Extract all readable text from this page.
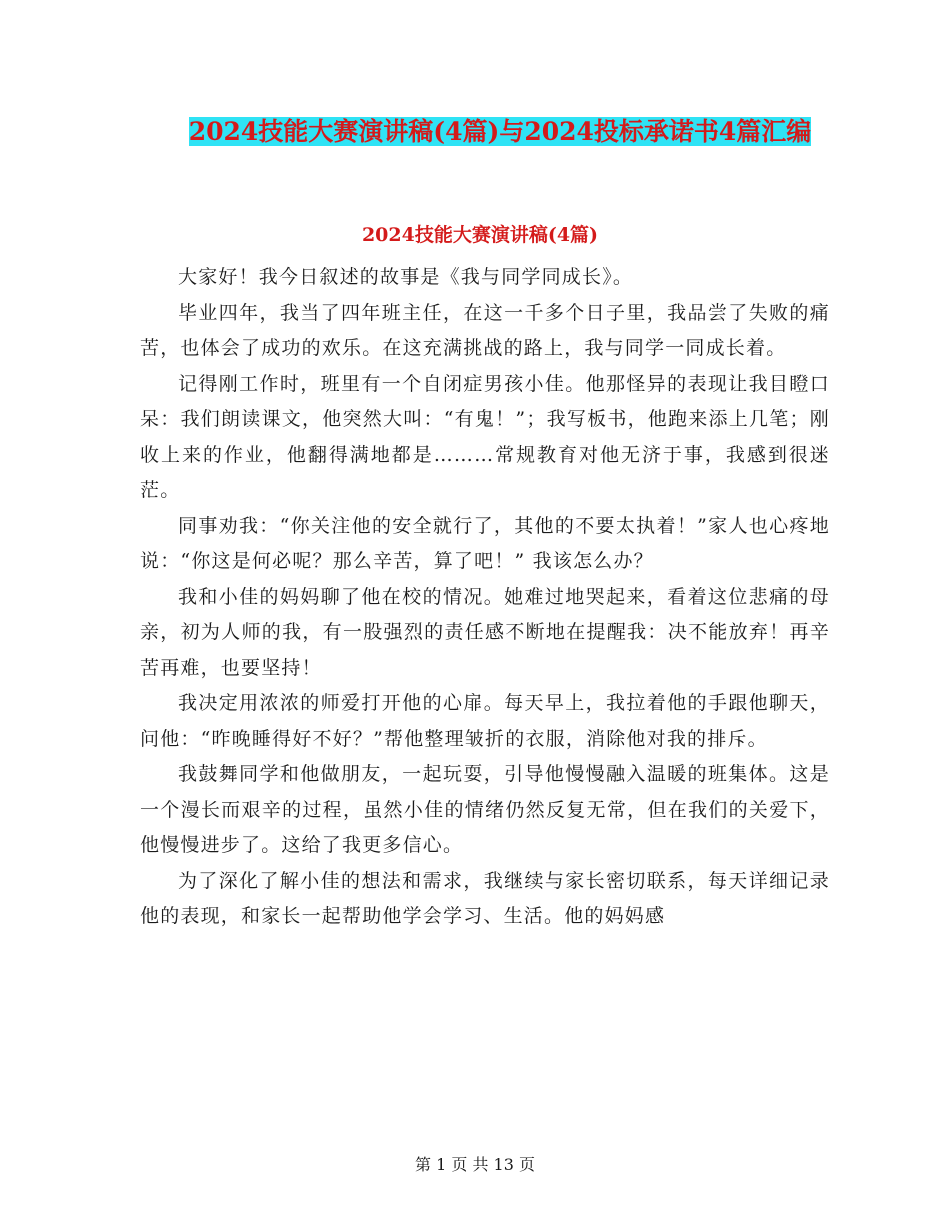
2024技能大赛演讲稿(4篇)与2024投标承诺书4篇汇编
2024技能大赛演讲稿(4篇)

大家好！我今日叙述的故事是《我与同学同成长》。

毕业四年，我当了四年班主任，在这一千多个日子里，我品尝了失败的痛苦，也体会了成功的欢乐。在这充满挑战的路上，我与同学一同成长着。

记得刚工作时，班里有一个自闭症男孩小佳。他那怪异的表现让我目瞪口呆：我们朗读课文，他突然大叫：“有鬼！”；我写板书，他跑来添上几笔；刚收上来的作业，他翻得满地都是………常规教育对他无济于事，我感到很迷茫。

同事劝我：“你关注他的安全就行了，其他的不要太执着！”家人也心疼地说：“你这是何必呢？那么辛苦，算了吧！” 我该怎么办？

我和小佳的妈妈聊了他在校的情况。她难过地哭起来，看着这位悲痛的母亲，初为人师的我，有一股强烈的责任感不断地在提醒我：决不能放弃！再辛苦再难，也要坚持！

我决定用浓浓的师爱打开他的心扉。每天早上，我拉着他的手跟他聊天，问他：“昨晚睡得好不好？”帮他整理皱折的衣服，消除他对我的排斥。

我鼓舞同学和他做朋友，一起玩耍，引导他慢慢融入温暖的班集体。这是一个漫长而艰辛的过程，虽然小佳的情绪仍然反复无常，但在我们的关爱下，他慢慢进步了。这给了我更多信心。

为了深化了解小佳的想法和需求，我继续与家长密切联系，每天详细记录他的表现，和家长一起帮助他学会学习、生活。他的妈妈感

第 1 页 共 13 页
